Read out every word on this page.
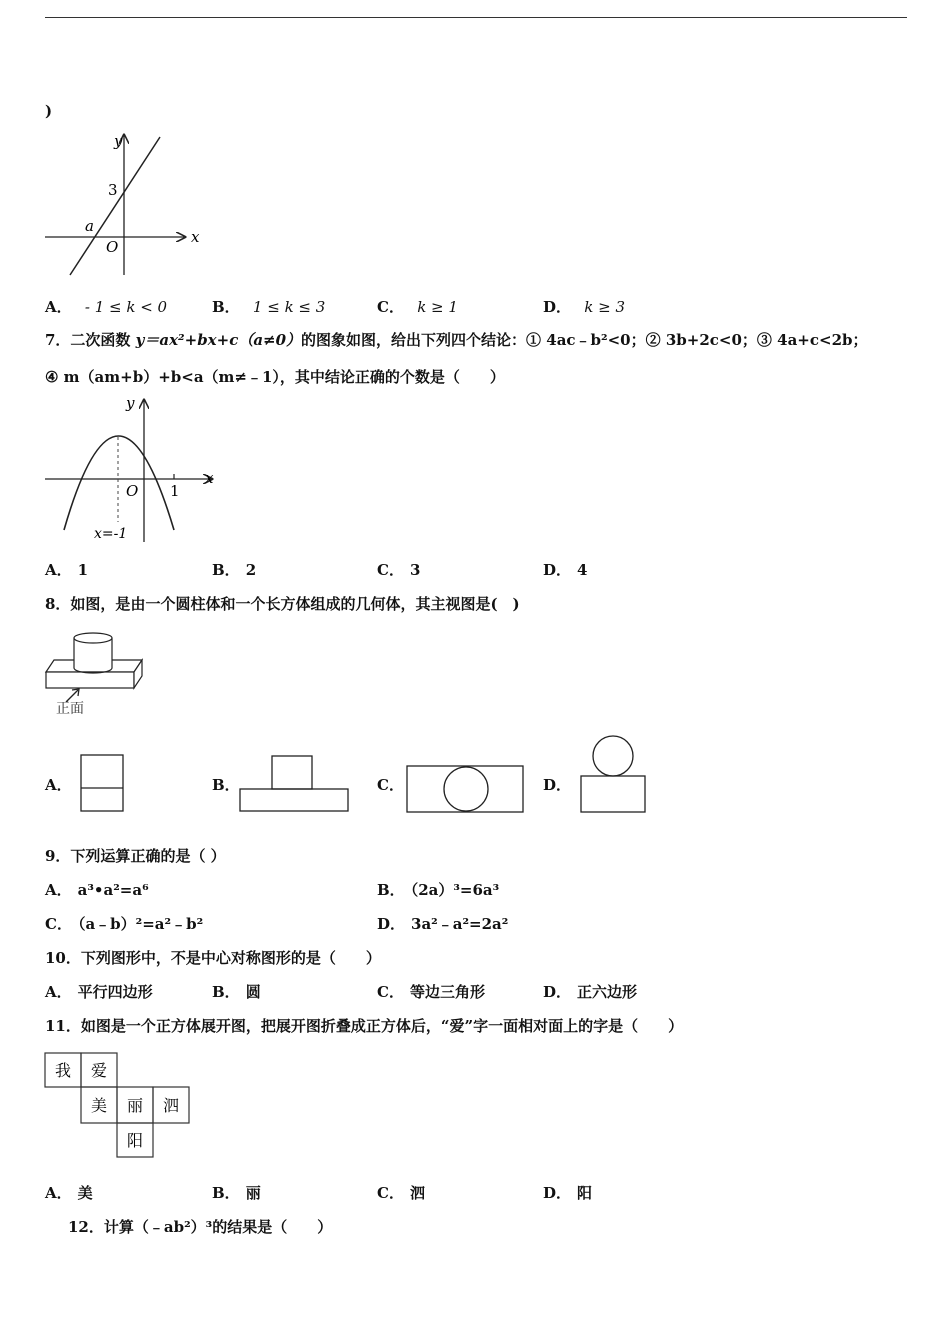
)
y
x
3
a
O
A． - 1 ≤ k < 0	B． 1 ≤ k ≤ 3	C． k ≥ 1	D． k ≥ 3
7．二次函数 y＝ax²+bx+c（a≠0）的图象如图，给出下列四个结论：① 4ac﹣b²<0；② 3b+2c<0；③ 4a+c<2b；
④ m（am+b）+b<a（m≠﹣1），其中结论正确的个数是（　　）
y
x
O 1
x=-1
A． 1	B． 2	C． 3	D． 4
8．如图，是由一个圆柱体和一个长方体组成的几何体，其主视图是(　)
正面
A．	B．	C．	D．
9．下列运算正确的是（ ）
A． a³•a²=a⁶	B． （2a）³=6a³
C． （a﹣b）²=a²﹣b²	D． 3a²﹣a²=2a²
10．下列图形中，不是中心对称图形的是（　　）
A． 平行四边形	B． 圆	C． 等边三角形	D． 正六边形
11．如图是一个正方体展开图，把展开图折叠成正方体后，“爱”字一面相对面上的字是（　　）
我 爱
美 丽 泗
阳
A． 美	B． 丽	C． 泗	D． 阳
12．计算（﹣ab²）³的结果是（　　）
